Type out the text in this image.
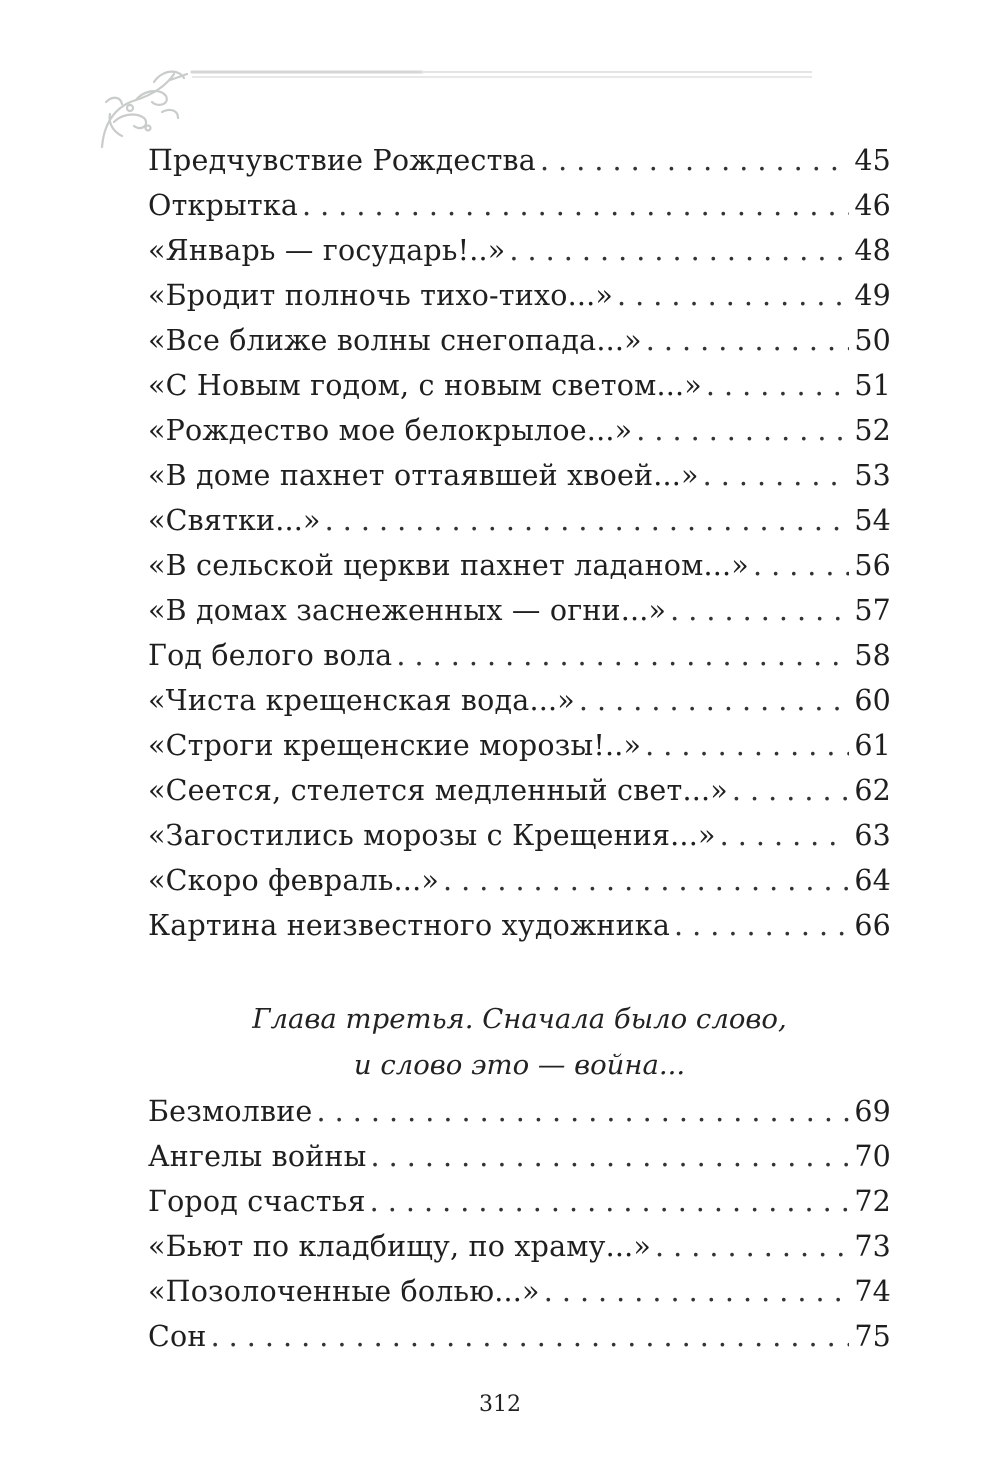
Предчувствие Рождества . . .	45
Открытка . . .	46
«Январь — государь!..» . . .	48
«Бродит полночь тихо-тихо...» . . .	49
«Все ближе волны снегопада...» . . .	50
«С Новым годом, с новым светом...» . . .	51
«Рождество мое белокрылое...» . . .	52
«В доме пахнет оттаявшей хвоей...» . . .	53
«Святки...» . . .	54
«В сельской церкви пахнет ладаном...» . . .	56
«В домах заснеженных — огни...» . . .	57
Год белого вола . . .	58
«Чиста крещенская вода...» . . .	60
«Строги крещенские морозы!..» . . .	61
«Сеется, стелется медленный свет...» . . .	62
«Загостились морозы с Крещения...» . . .	63
«Скоро февраль...» . . .	64
Картина неизвестного художника . . .	66
Глава третья. Сначала было слово,
и слово это — война...
Безмолвие . . .	69
Ангелы войны . . .	70
Город счастья . . .	72
«Бьют по кладбищу, по храму...» . . .	73
«Позолоченные болью...» . . .	74
Сон . . .	75
312
